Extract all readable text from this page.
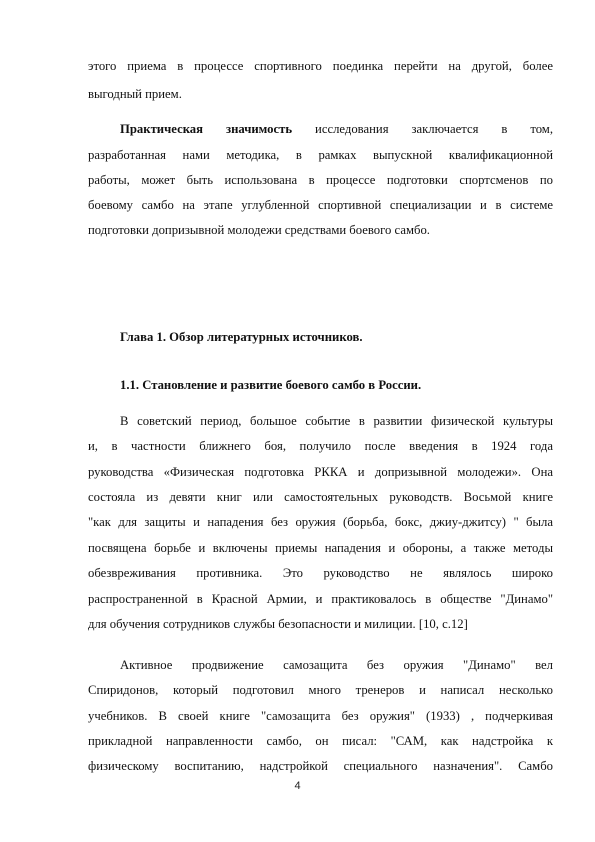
этого приема в процессе спортивного поединка перейти на другой, более
выгодный прием.
Практическая значимость исследования заключается в том,
разработанная нами методика, в рамках выпускной квалификационной
работы, может быть использована в процессе подготовки спортсменов по
боевому самбо на этапе углубленной спортивной специализации и в системе
подготовки допризывной молодежи средствами боевого самбо.
Глава 1. Обзор литературных источников.
1.1. Становление и развитие боевого самбо в России.
В советский период, большое событие в развитии физической культуры
и, в частности ближнего боя, получило после введения в 1924 года
руководства «Физическая подготовка РККА и допризывной молодежи». Она
состояла из девяти книг или самостоятельных руководств. Восьмой книге
"как для защиты и нападения без оружия (борьба, бокс, джиу-джитсу) " была
посвящена борьбе и включены приемы нападения и обороны, а также методы
обезвреживания противника. Это руководство не являлось широко
распространенной в Красной Армии, и практиковалось в обществе "Динамо"
для обучения сотрудников службы безопасности и милиции. [10, с.12]
Активное продвижение самозащита без оружия "Динамо" вел
Спиридонов, который подготовил много тренеров и написал несколько
учебников. В своей книге "самозащита без оружия" (1933) , подчеркивая
прикладной направленности самбо, он писал: "САМ, как надстройка к
физическому воспитанию, надстройкой специального назначения". Самбо
4
